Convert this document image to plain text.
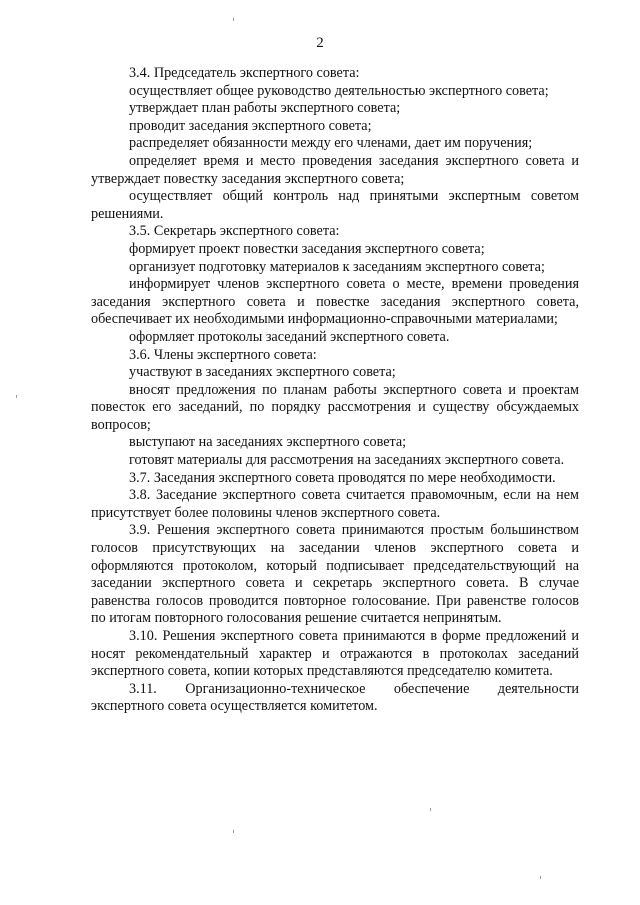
2

3.4. Председатель экспертного совета:

осуществляет общее руководство деятельностью экспертного совета;

утверждает план работы экспертного совета;

проводит заседания экспертного совета;

распределяет обязанности между его членами, дает им поручения;

определяет время и место проведения заседания экспертного совета и утверждает повестку заседания экспертного совета;

осуществляет общий контроль над принятыми экспертным советом решениями.

3.5. Секретарь экспертного совета:

формирует проект повестки заседания экспертного совета;

организует подготовку материалов к заседаниям экспертного совета;

информирует членов экспертного совета о месте, времени проведения заседания экспертного совета и повестке заседания экспертного совета, обеспечивает их необходимыми информационно-справочными материалами;

оформляет протоколы заседаний экспертного совета.

3.6. Члены экспертного совета:

участвуют в заседаниях экспертного совета;

вносят предложения по планам работы экспертного совета и проектам повесток его заседаний, по порядку рассмотрения и существу обсуждаемых вопросов;

выступают на заседаниях экспертного совета;

готовят материалы для рассмотрения на заседаниях экспертного совета.

3.7. Заседания экспертного совета проводятся по мере необходимости.

3.8. Заседание экспертного совета считается правомочным, если на нем присутствует более половины членов экспертного совета.

3.9. Решения экспертного совета принимаются простым большинством голосов присутствующих на заседании членов экспертного совета и оформляются протоколом, который подписывает председательствующий на заседании экспертного совета и секретарь экспертного совета. В случае равенства голосов проводится повторное голосование. При равенстве голосов по итогам повторного голосования решение считается непринятым.

3.10. Решения экспертного совета принимаются в форме предложений и носят рекомендательный характер и отражаются в протоколах заседаний экспертного совета, копии которых представляются председателю комитета.

3.11. Организационно-техническое обеспечение деятельности экспертного совета осуществляется комитетом.
